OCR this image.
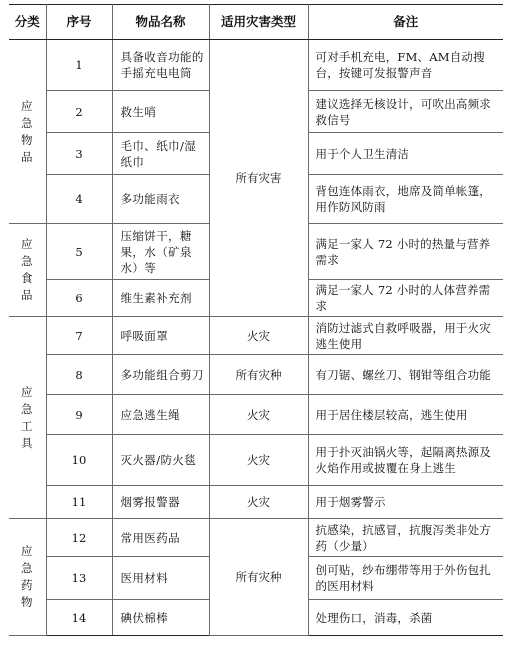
分类	序号	物品名称	适用灾害类型	备注
应急物品	1	具备收音功能的手摇充电电筒	所有灾害	可对手机充电，FM、AM自动搜台，按键可发报警声音
	2	救生哨		建议选择无核设计，可吹出高频求救信号
	3	毛巾、纸巾/湿纸巾		用于个人卫生清洁
	4	多功能雨衣		背包连体雨衣，地席及简单帐篷，用作防风防雨
应急食品	5	压缩饼干，糖果，水（矿泉水）等		满足一家人 72 小时的热量与营养需求
	6	维生素补充剂		满足一家人 72 小时的人体营养需求
应急工具	7	呼吸面罩	火灾	消防过滤式自救呼吸器，用于火灾逃生使用
	8	多功能组合剪刀	所有灾种	有刀锯、螺丝刀、钢钳等组合功能
	9	应急逃生绳	火灾	用于居住楼层较高，逃生使用
	10	灭火器/防火毯	火灾	用于扑灭油锅火等，起隔离热源及火焰作用或披覆在身上逃生
	11	烟雾报警器	火灾	用于烟雾警示
应急药物	12	常用医药品	所有灾种	抗感染，抗感冒，抗腹泻类非处方药（少量）
	13	医用材料		创可贴，纱布绷带等用于外伤包扎的医用材料
	14	碘伏棉棒		处理伤口，消毒，杀菌
